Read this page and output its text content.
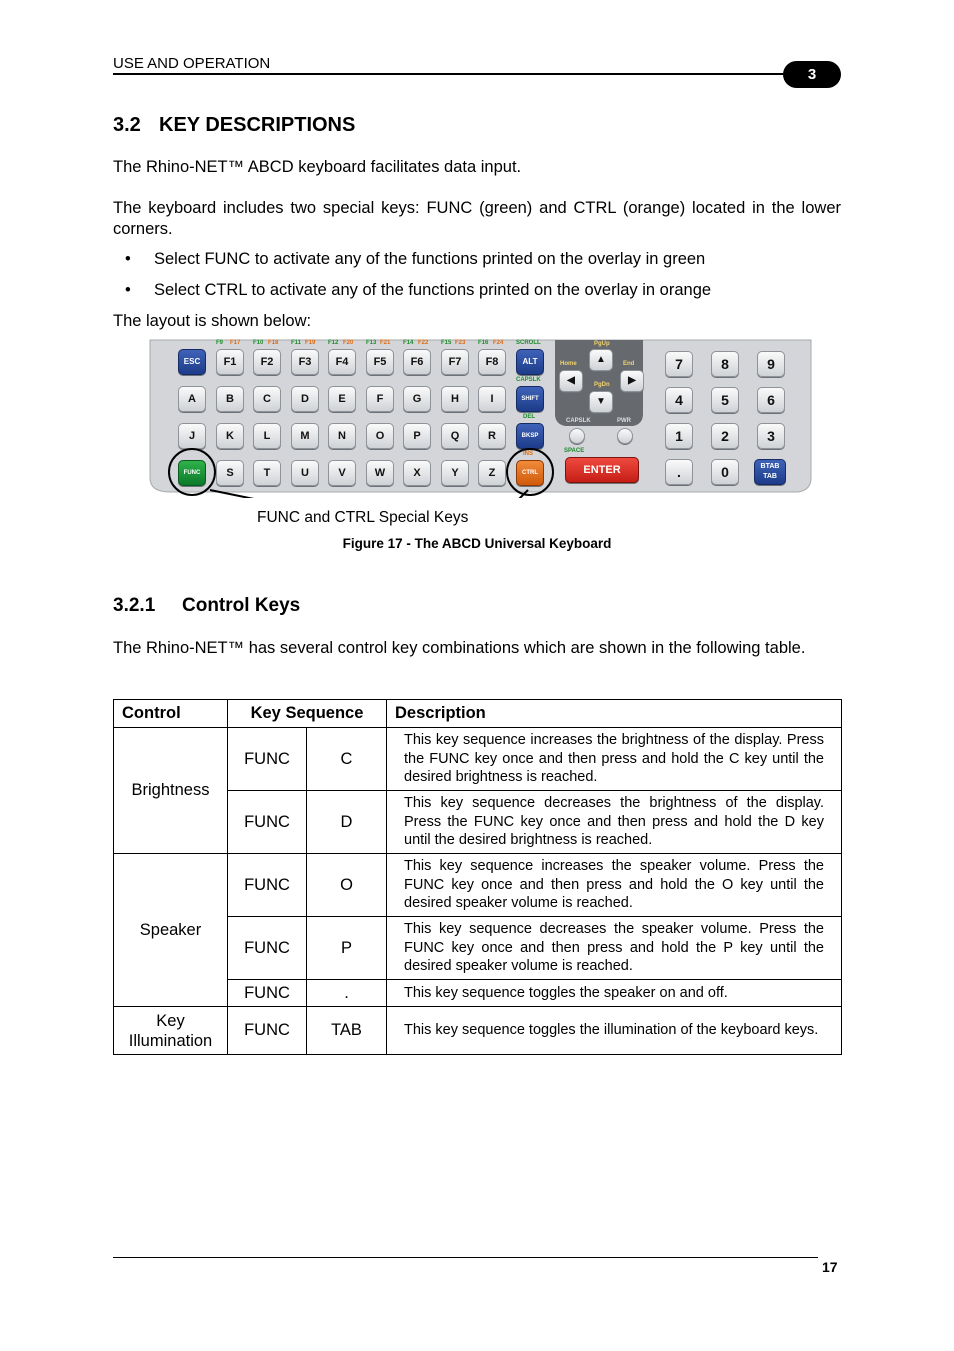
USE AND OPERATION
3
3.2 KEY DESCRIPTIONS
The Rhino-NET™ ABCD keyboard facilitates data input.
The keyboard includes two special keys: FUNC (green) and CTRL (orange) located in the lower corners.
• Select FUNC to activate any of the functions printed on the overlay in green
• Select CTRL to activate any of the functions printed on the overlay in orange
The layout is shown below:
ESC	F1	F2	F3	F4	F5	F6	F7	F8	ALT
A	B	C	D	E	F	G	H	I	SHIFT
J	K	L	M	N	O	P	Q	R	BKSP
FUNC	S	T	U	V	W	X	Y	Z	CTRL
F9 F17 F10 F18 F11 F19 F12 F20 F13 F21 F14 F22 F15 F23 F16 F24 SCROLL
CAPSLK
DEL
INS
PgUp
▲
Home
◀
End
▶
PgDn
▼
CAPSLK	PWR
SPACE
ENTER
7	8	9
4	5	6
1	2	3
.	0	BTAB TAB
FUNC and CTRL Special Keys
Figure 17 - The ABCD Universal Keyboard
3.2.1 Control Keys
The Rhino-NET™ has several control key combinations which are shown in the following table.
Control	Key Sequence		Description
Brightness	FUNC	C	This key sequence increases the brightness of the display. Press the FUNC key once and then press and hold the C key until the desired brightness is reached.
	FUNC	D	This key sequence decreases the brightness of the display. Press the FUNC key once and then press and hold the D key until the desired brightness is reached.
Speaker	FUNC	O	This key sequence increases the speaker volume. Press the FUNC key once and then press and hold the O key until the desired speaker volume is reached.
	FUNC	P	This key sequence decreases the speaker volume. Press the FUNC key once and then press and hold the P key until the desired speaker volume is reached.
	FUNC	.	This key sequence toggles the speaker on and off.
Key Illumination	FUNC	TAB	This key sequence toggles the illumination of the keyboard keys.
17
